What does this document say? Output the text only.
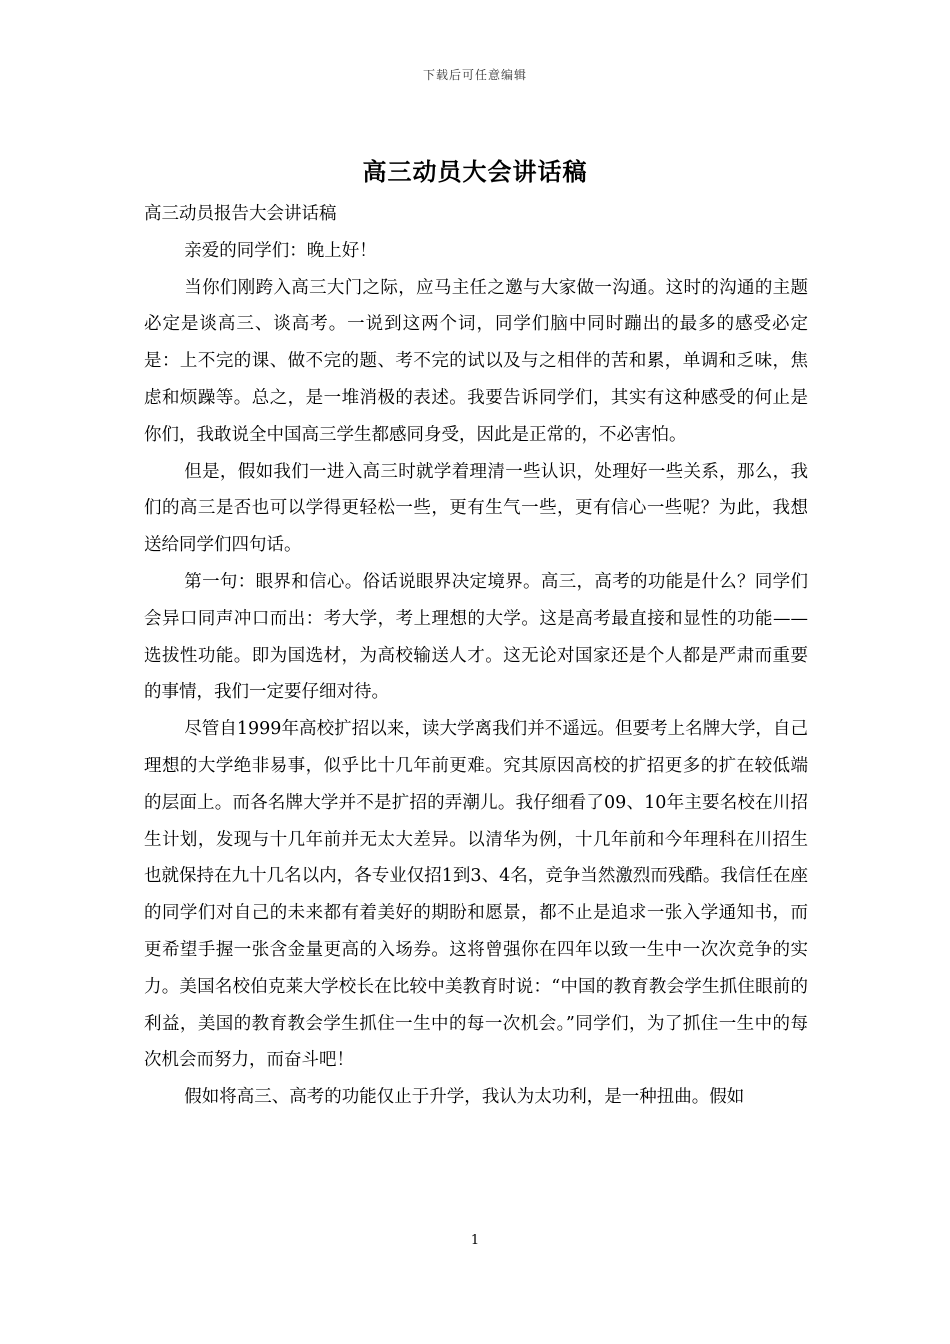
下载后可任意编辑
高三动员大会讲话稿

高三动员报告大会讲话稿

亲爱的同学们：晚上好！

当你们刚跨入高三大门之际，应马主任之邀与大家做一沟通。这时的沟通的主题必定是谈高三、谈高考。一说到这两个词，同学们脑中同时蹦出的最多的感受必定是：上不完的课、做不完的题、考不完的试以及与之相伴的苦和累，单调和乏味，焦虑和烦躁等。总之，是一堆消极的表述。我要告诉同学们，其实有这种感受的何止是你们，我敢说全中国高三学生都感同身受，因此是正常的，不必害怕。

但是，假如我们一进入高三时就学着理清一些认识，处理好一些关系，那么，我们的高三是否也可以学得更轻松一些，更有生气一些，更有信心一些呢？为此，我想送给同学们四句话。

第一句：眼界和信心。俗话说眼界决定境界。高三，高考的功能是什么？同学们会异口同声冲口而出：考大学，考上理想的大学。这是高考最直接和显性的功能——选拔性功能。即为国选材，为高校输送人才。这无论对国家还是个人都是严肃而重要的事情，我们一定要仔细对待。

尽管自1999年高校扩招以来，读大学离我们并不遥远。但要考上名牌大学，自己理想的大学绝非易事，似乎比十几年前更难。究其原因高校的扩招更多的扩在较低端的层面上。而各名牌大学并不是扩招的弄潮儿。我仔细看了09、10年主要名校在川招生计划，发现与十几年前并无太大差异。以清华为例，十几年前和今年理科在川招生也就保持在九十几名以内，各专业仅招1到3、4名，竞争当然激烈而残酷。我信任在座的同学们对自己的未来都有着美好的期盼和愿景，都不止是追求一张入学通知书，而更希望手握一张含金量更高的入场券。这将曾强你在四年以致一生中一次次竞争的实力。美国名校伯克莱大学校长在比较中美教育时说：“中国的教育教会学生抓住眼前的利益，美国的教育教会学生抓住一生中的每一次机会。”同学们，为了抓住一生中的每次机会而努力，而奋斗吧！

假如将高三、高考的功能仅止于升学，我认为太功利，是一种扭曲。假如

1
